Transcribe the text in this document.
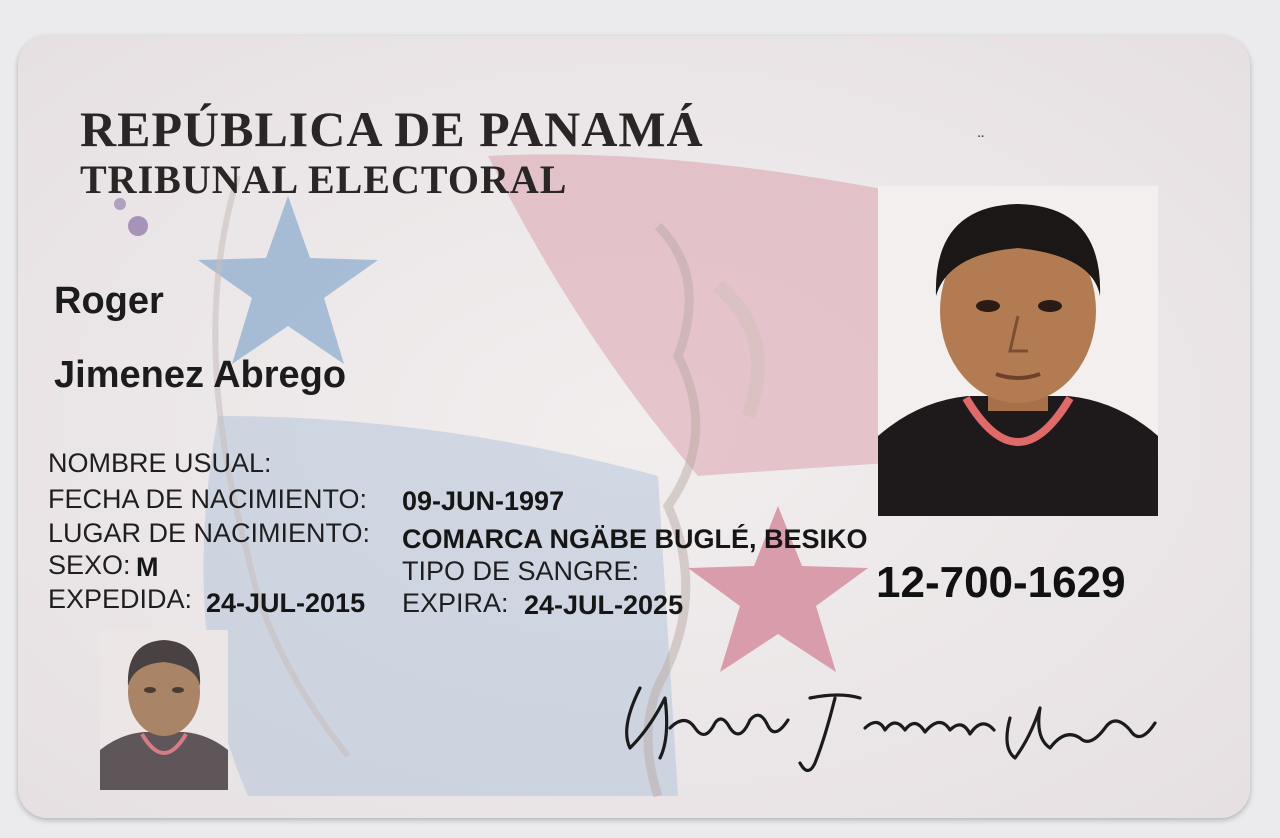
¨
REPÚBLICA DE PANAMÁ
TRIBUNAL ELECTORAL
Roger
Jimenez Abrego
NOMBRE USUAL:
FECHA DE NACIMIENTO: 09-JUN-1997
LUGAR DE NACIMIENTO: COMARCA NGÄBE BUGLÉ, BESIKO
SEXO: M	TIPO DE SANGRE:
EXPEDIDA: 24-JUL-2015 EXPIRA: 24-JUL-2025	12-700-1629
